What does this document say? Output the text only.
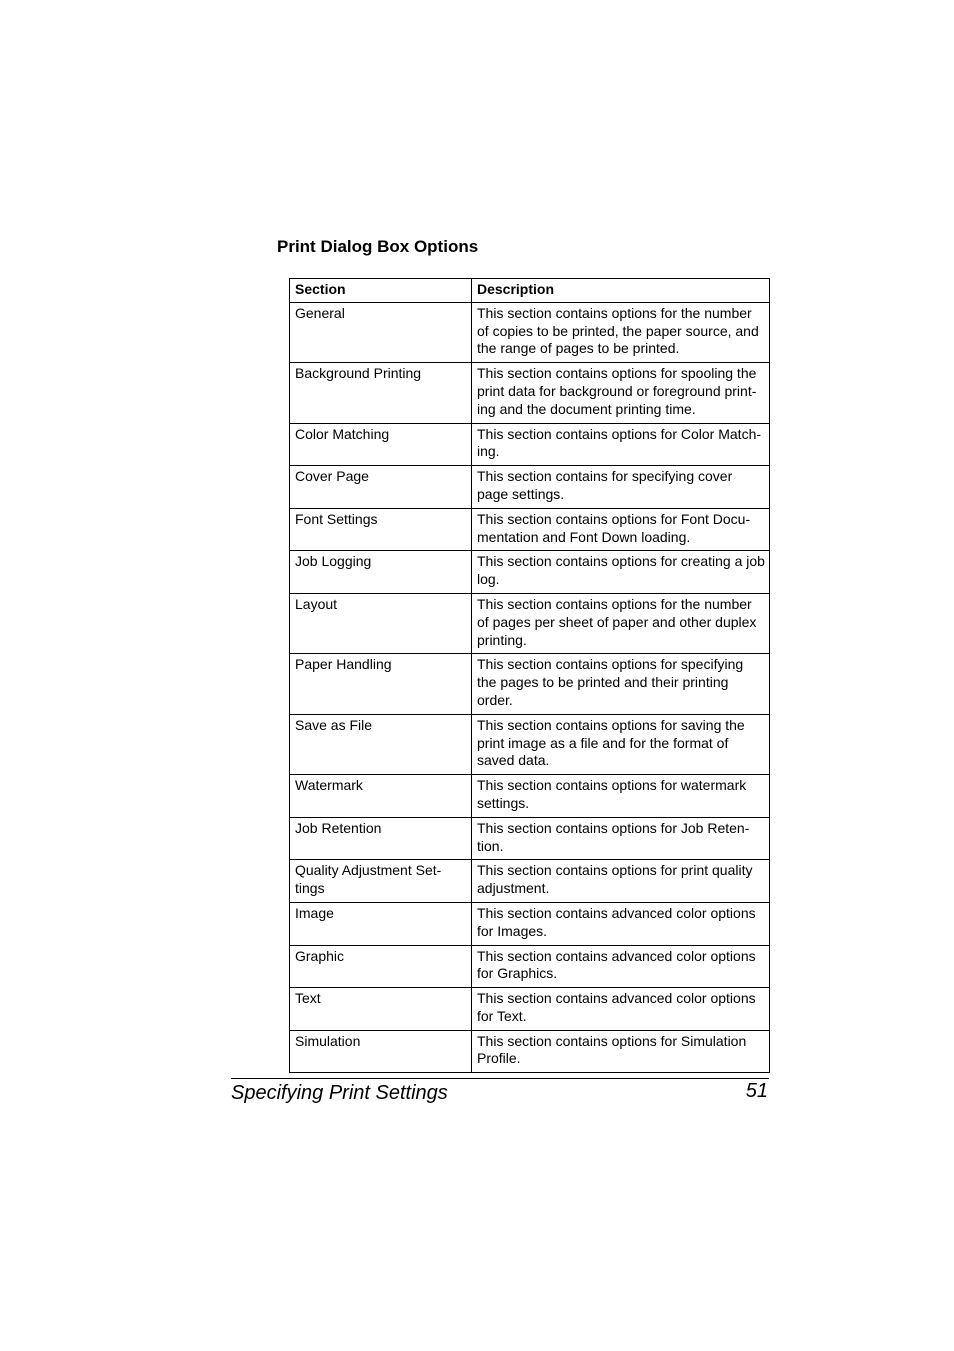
Print Dialog Box Options
Section	Description
General	This section contains options for the number of copies to be printed, the paper source, and the range of pages to be printed.
Background Printing	This section contains options for spooling the print data for background or foreground print-ing and the document printing time.
Color Matching	This section contains options for Color Match-ing.
Cover Page	This section contains for specifying cover page settings.
Font Settings	This section contains options for Font Docu-mentation and Font Down loading.
Job Logging	This section contains options for creating a job log.
Layout	This section contains options for the number of pages per sheet of paper and other duplex printing.
Paper Handling	This section contains options for specifying the pages to be printed and their printing order.
Save as File	This section contains options for saving the print image as a file and for the format of saved data.
Watermark	This section contains options for watermark settings.
Job Retention	This section contains options for Job Reten-tion.
Quality Adjustment Set-tings	This section contains options for print quality adjustment.
Image	This section contains advanced color options for Images.
Graphic	This section contains advanced color options for Graphics.
Text	This section contains advanced color options for Text.
Simulation	This section contains options for Simulation Profile.
Specifying Print Settings	51
